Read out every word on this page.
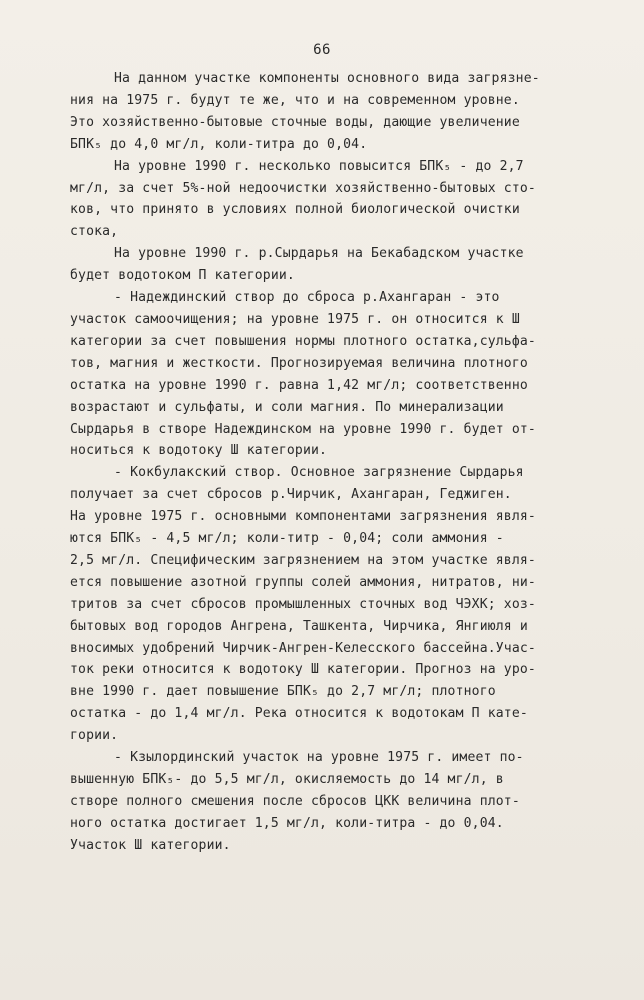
66
На данном участке компоненты основного вида загрязне-
ния на 1975 г. будут те же, что и на современном уровне.
Это хозяйственно-бытовые сточные воды, дающие увеличение
БПК₅ до 4,0 мг/л, коли-титра до 0,04.
На уровне 1990 г. несколько повысится БПК₅ - до 2,7
мг/л, за счет 5%-ной недоочистки хозяйственно-бытовых сто-
ков, что принято в условиях полной биологической очистки
стока,
На уровне 1990 г. р.Сырдарья на Бекабадском участке
будет водотоком П категории.
- Надеждинский створ до сброса р.Ахангаран - это
участок самоочищения; на уровне 1975 г. он относится к Ш
категории за счет повышения нормы плотного остатка,сульфа-
тов, магния и жесткости. Прогнозируемая величина плотного
остатка на уровне 1990 г. равна 1,42 мг/л; соответственно
возрастают и сульфаты, и соли магния. По минерализации
Сырдарья в створе Надеждинском на уровне 1990 г. будет от-
носиться к водотоку Ш категории.
- Кокбулакский створ. Основное загрязнение Сырдарья
получает за счет сбросов р.Чирчик, Ахангаран, Геджиген.
На уровне 1975 г. основными компонентами загрязнения явля-
ются БПК₅ - 4,5 мг/л; коли-титр - 0,04; соли аммония -
2,5 мг/л. Специфическим загрязнением на этом участке явля-
ется повышение азотной группы солей аммония, нитратов, ни-
тритов за счет сбросов промышленных сточных вод ЧЭХК; хоз-
бытовых вод городов Ангрена, Ташкента, Чирчика, Янгиюля и
вносимых удобрений Чирчик-Ангрен-Келесского бассейна.Учас-
ток реки относится к водотоку Ш категории. Прогноз на уро-
вне 1990 г. дает повышение БПК₅ до 2,7 мг/л; плотного
остатка - до 1,4 мг/л. Река относится к водотокам П кате-
гории.
- Кзылординский участок на уровне 1975 г. имеет по-
вышенную БПК₅- до 5,5 мг/л, окисляемость до 14 мг/л, в
створе полного смешения после сбросов ЦКК величина плот-
ного остатка достигает 1,5 мг/л, коли-титра - до 0,04.
Участок Ш категории.
